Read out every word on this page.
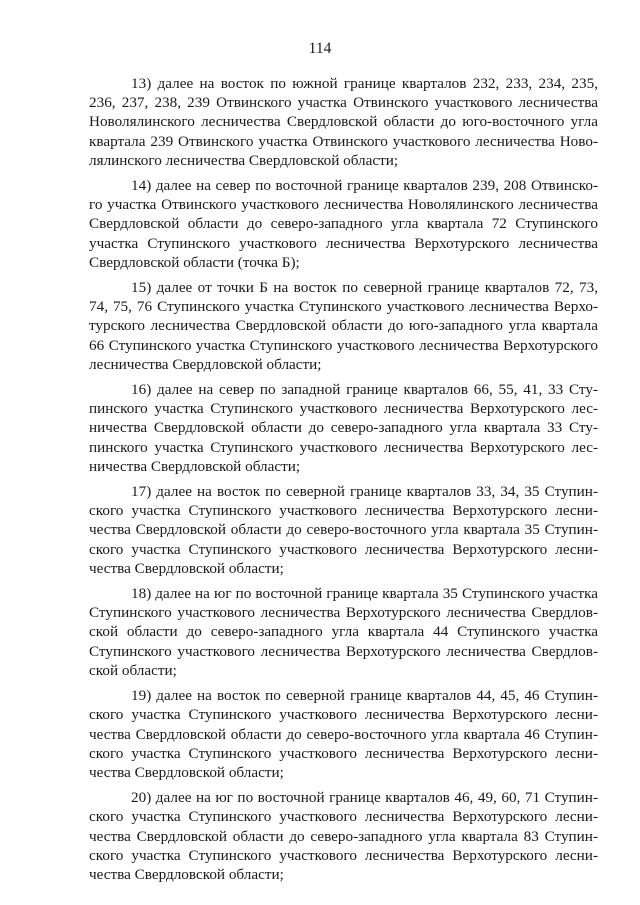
114

13) далее на восток по южной границе кварталов 232, 233, 234, 235, 236, 237, 238, 239 Отвинского участка Отвинского участкового лесничества Новолялинского лесничества Свердловской области до юго-восточного угла квартала 239 Отвинского участка Отвинского участкового лесничества Новолялинского лесничества Свердловской области;

14) далее на север по восточной границе кварталов 239, 208 Отвинского участка Отвинского участкового лесничества Новолялинского лесничества Свердловской области до северо-западного угла квартала 72 Ступинского участка Ступинского участкового лесничества Верхотурского лесничества Свердловской области (точка Б);

15) далее от точки Б на восток по северной границе кварталов 72, 73, 74, 75, 76 Ступинского участка Ступинского участкового лесничества Верхотурского лесничества Свердловской области до юго-западного угла квартала 66 Ступинского участка Ступинского участкового лесничества Верхотурского лесничества Свердловской области;

16) далее на север по западной границе кварталов 66, 55, 41, 33 Ступинского участка Ступинского участкового лесничества Верхотурского лесничества Свердловской области до северо-западного угла квартала 33 Ступинского участка Ступинского участкового лесничества Верхотурского лесничества Свердловской области;

17) далее на восток по северной границе кварталов 33, 34, 35 Ступинского участка Ступинского участкового лесничества Верхотурского лесничества Свердловской области до северо-восточного угла квартала 35 Ступинского участка Ступинского участкового лесничества Верхотурского лесничества Свердловской области;

18) далее на юг по восточной границе квартала 35 Ступинского участка Ступинского участкового лесничества Верхотурского лесничества Свердловской области до северо-западного угла квартала 44 Ступинского участка Ступинского участкового лесничества Верхотурского лесничества Свердловской области;

19) далее на восток по северной границе кварталов 44, 45, 46 Ступинского участка Ступинского участкового лесничества Верхотурского лесничества Свердловской области до северо-восточного угла квартала 46 Ступинского участка Ступинского участкового лесничества Верхотурского лесничества Свердловской области;

20) далее на юг по восточной границе кварталов 46, 49, 60, 71 Ступинского участка Ступинского участкового лесничества Верхотурского лесничества Свердловской области до северо-западного угла квартала 83 Ступинского участка Ступинского участкового лесничества Верхотурского лесничества Свердловской области;
